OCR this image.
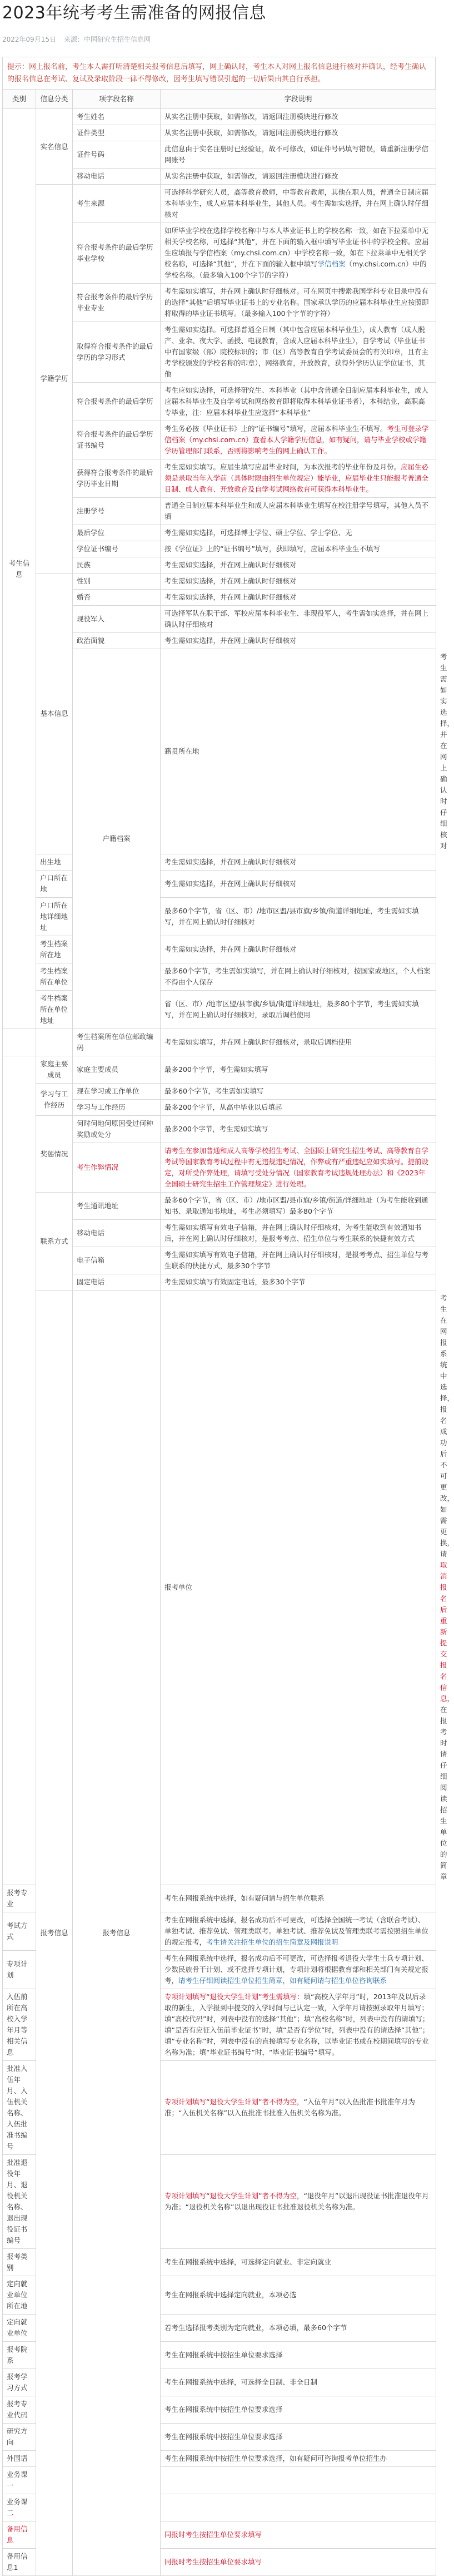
2023年统考考生需准备的网报信息
2022年09月15日 来源：中国研究生招生信息网
提示：网上报名前，考生本人需打听清楚相关报考信息后填写，网上确认时，考生本人对网上报名信息进行核对并确认，经考生确认的报名信息在考试、复试及录取阶段一律不得修改，因考生填写错误引起的一切后果由其自行承担。
类别	信息分类	项字段名称	字段说明	
考生信息	实名信息	考生姓名	从实名注册中获取，如需修改，请返回注册模块进行修改	
		证件类型	从实名注册中获取，如需修改，请返回注册模块进行修改	
		证件号码	此信息由于实名注册时已经验证，故不可修改，如证件号码填写错误，请重新注册学信网账号	
		移动电话	从实名注册中获取，如需修改，请返回注册模块进行修改	
	学籍学历	考生来源	可选择科学研究人员，高等教育教师，中等教育教师，其他在职人员，普通全日制应届本科毕业生，成人应届本科毕业生，其他人员。考生需如实选择，并在网上确认时仔细核对	
		符合报考条件的最后学历毕业学校	如所毕业学校在选择学校名称中与本人毕业证书上的学校名称一致，如在下拉菜单中无相关学校名称，可选择“其他”，并在下面的输入框中填写毕业证书中的学校全称。应届生应填报与学信档案（my.chsi.com.cn）中学校名称一致，如在下拉菜单中无相关学校名称，可选择“其他”，并在下面的输入框中填写学信档案（my.chsi.com.cn）中的学校名称。（最多输入100个字节的字符）	
		符合报考条件的最后学历毕业专业	考生需如实填写，并在网上确认时仔细核对。可在网页中搜索我国学科专业目录中没有的选择“其他”后填写毕业证书上的专业名称。国家承认学历的应届本科毕业生应按照即将取得的毕业证书填写。（最多输入100个字节的字符）	
		取得符合报考条件的最后学历的学习形式	考生需如实选择。可选择普通全日制（其中包含应届本科毕业生），成人教育（成人脱产、业余、夜大学、函授、电视教育，含成人应届本科毕业生），自学考试（毕业证书中有国家级（部）院校标识的；市（区）高等教育自学考试委员会的有关印章，且有主考学校颁发的学校名称的印章），网络教育，开放教育，获得外学历认证学位证书，其他	
		符合报考条件的最后学历	考生应如实选择，可选择研究生、本科毕业（其中含普通全日制应届本科毕业生，成人应届本科毕业生及自学考试和网络教育即将取得本科毕业证书者），本科结业，高职高专毕业，注：应届本科毕业生应选择“本科毕业”	
		符合报考条件的最后学历证书编号	考生务必按《毕业证书》上的“证书编号”填写，应届本科毕业生不填写。考生可登录学信档案（my.chsi.com.cn）查看本人学籍学历信息，如有疑问，请与毕业学校或学籍学历管理部门联系，否则将影响考生的网上确认工作。	
		获得符合报考条件的最后学历毕业日期	考生需如实填写。应届生填写应届毕业时间，为本次报考的毕业年份及月份。应届生必须是录取当年入学前（具体时限由招生单位规定）能毕业，应届毕业生只能报考普通全日制、成人教育、开放教育及自学考试网络教育可获得本科毕业生。	
		注册学号	普通全日制应届本科毕业生和成人应届本科毕业生填写在校注册学号填写，其他人员不填	
		最后学位	考生需如实选择，可选择博士学位、硕士学位、学士学位、无	
		学位证书编号	按《学位证》上的“证书编号”填写，获即填写，应届本科毕业生不填写	
		民族	考生需如实选择，并在网上确认时仔细核对	
	基本信息	性别	考生需如实选择，并在网上确认时仔细核对	
		婚否	考生需如实选择，并在网上确认时仔细核对	
		现役军人	可选择军队在职干部、军校应届本科毕业生、非现役军人，考生需如实选择，并在网上确认时仔细核对	
		政治面貌	考生需如实选择，并在网上确认时仔细核对	
		户籍档案	籍贯所在地	考生需如实选择，并在网上确认时仔细核对
	出生地		考生需如实选择，并在网上确认时仔细核对	
	户口所在地		考生需如实选择，并在网上确认时仔细核对	
	户口所在地详细地址		最多60个字节，省（区、市）/地市区盟/县市旗/乡镇/街道详细地址，考生需如实填写，并在网上确认时仔细核对	
	考生档案所在地		考生需如实选择，并在网上确认时仔细核对	
	考生档案所在单位		最多60个字节，考生需如实填写，并在网上确认时仔细核对，按国家或地区，个人档案不得由个人保存	
	考生档案所在单位地址		省（区、市）/地市区盟/县市旗/乡镇/街道详细地址，最多80个字节，考生需如实填写，并在网上确认时仔细核对，录取后调档使用	
		考生档案所在单位邮政编码	考生需如实填写，并在网上确认时仔细核对，录取后调档使用	
	家庭主要成员	家庭主要成员	最多200个字节，考生需如实填写	
	学习与工作经历	现在学习或工作单位	最多60个字节，考生需如实填写	
		学习与工作经历	最多200个字节，从高中毕业以后填起	
	奖惩情况	何时何地何原因受过何种奖励或处分	最多200个字节，考生需如实填写	
		考生作弊情况	请考生在参加普通和成人高等学校招生考试、全国硕士研究生招生考试、高等教育自学考试等国家教育考试过程中有无违规违纪情况，作弊或有严重违纪应如实填写。提前设定，对所受作弊处理，请填写受处分情况（国家教育考试违规处理办法）和《2023年全国硕士研究生招生工作管理规定》进行处理。	
	联系方式	考生通讯地址	最多60个字节，省（区、市）/地市区盟/县市旗/乡镇/街道/详细地址（为考生能收到通知书、录取通知书地址，考生必须填写）最多80个字节	
		移动电话	考生需如实填写有效电子信箱，并在网上确认时仔细核对，为考生能收到有效通知书后，并在网上确认时仔细核对，是报考考点、招生单位与考生联系的快捷有效方式	
		电子信箱	考生需如实填写有效电子信箱，并在网上确认时仔细核对，是报考考点、招生单位与考生联系的快捷方式，最多30个字节	
		固定电话	考生需如实填写有效固定电话，最多30个字节	
	报考信息	报考信息	报考单位	考生在网报系统中选择，报名成功后不可更改，如需更换，请取消报名后重新提交报名信息，在报考时请仔细阅读招生单位的简章
报考专业			考生在网报系统中选择，如有疑问请与招生单位联系	
考试方式			考生在网报系统中选择，报名成功后不可更改，可选择全国统一考试（含联合考试）、单独考试、推荐免试、管理类联考。单独考试、推荐免试及管理类联考需按照招生单位的规定报考，考生请关注招生单位的招生简章及网报说明	
专项计划			考生在网报系统中选择，报名成功后不可更改，可选择报考退役大学生士兵专项计划、少数民族骨干计划、或不选择专项计划，专项计划将根据教育部和相关部门有关规定报考，请考生仔细阅读招生单位招生简章，如有疑问请与招生单位咨询联系	
入伍前所在高校入学年月等相关信息			专项计划填写“退役大学生计划”考生需填写：填“高校入学年月”时，2013年及以后录取的新生，入学报到中提交的入学时间与已认定一致，入学年月请按照录取年月填写；填“高校代码”时，列表中没有的选择“其他”；填“高校名称”时，列表中没有的请填写；填“是否有应征入伍前毕业证书”时，填“是否有学位”时，列表中没有的请选择“其他”；填“专业名称”时，列表中没有的直接填写专业名称，以毕业证书或在校期间填写的专业名称为准；填“毕业证书编号”时，“毕业证书编号”填写。	
批准入伍年月、入伍机关名称、入伍批准书编号			专项计划填写“退役大学生计划”者不得为空，“入伍年月”以入伍批准书批准年月为准；“入伍机关名称”以入伍批准书批准入伍机关名称为准。	
批准退役年月、退役机关名称、退出现役证书编号			专项计划填写“退役大学生计划”者不得为空，“退役年月”以退出现役证书批准退役年月为准；“退役机关名称”以退出现役证书批准退役机关名称为准。	
报考类别			考生在网报系统中选择，可选择定向就业、非定向就业	
定向就业单位所在地			考生在网报系统中选择定向就业，本项必选	
定向就业单位			若考生选择报考类别为定向就业，本项必填，最多60个字节	
报考院系			考生在网报系统中按招生单位要求选择	
报考学习方式			考生在网报系统中选择，可选择全日制、非全日制	
报考专业代码			考生在网报系统中按招生单位要求选择	
研究方向			考生在网报系统中按招生单位要求选择	
外国语			考生在网报系统中按招生单位要求选择，如有疑问可咨询报考单位招生办	
业务课一				
业务课二				
备用信息			同报时考生按招生单位要求填写	
备用信息1			同报时考生按招生单位要求填写	
